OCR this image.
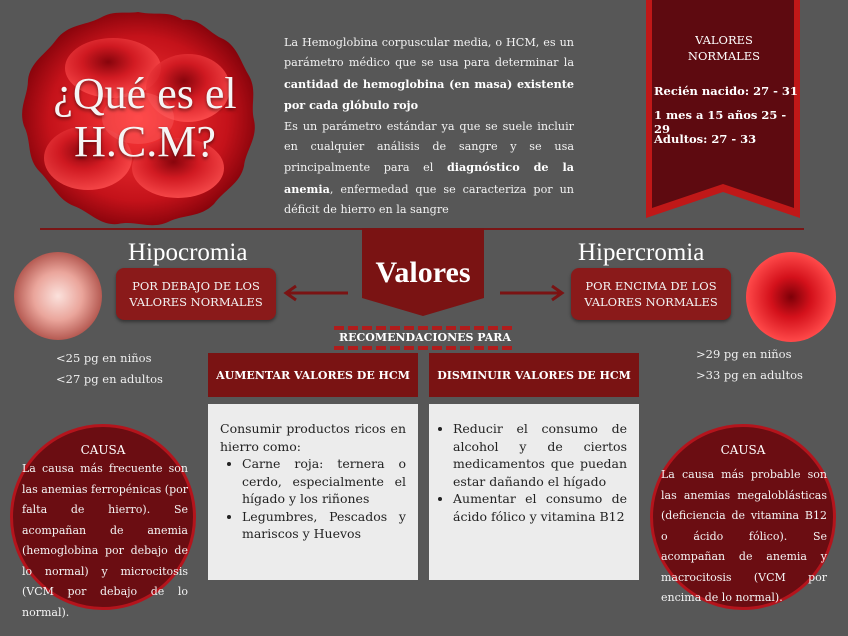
¿Qué es el
H.C.M?
La Hemoglobina corpuscular media, o HCM, es un parámetro médico que se usa para determinar la cantidad de hemoglobina (en masa) existente por cada glóbulo rojo
Es un parámetro estándar ya que se suele incluir en cualquier análisis de sangre y se usa principalmente para el diagnóstico de la anemia, enfermedad que se caracteriza por un déficit de hierro en la sangre
VALORES
NORMALES
Recién nacido: 27 - 31
1 mes a 15 años 25 - 29
Adultos: 27 - 33
Valores
Hipocromia
POR DEBAJO DE LOS
VALORES NORMALES
<25 pg en niños
<27 pg en adultos
Hipercromia
POR ENCIMA DE LOS
VALORES NORMALES
>29 pg en niños
>33 pg en adultos
RECOMENDACIONES PARA
AUMENTAR VALORES DE HCM	DISMINUIR VALORES DE HCM
Consumir productos ricos en hierro como:
• Carne roja: ternera o cerdo, especialmente el hígado y los riñones
• Legumbres, Pescados y mariscos y Huevos
• Reducir el consumo de alcohol y de ciertos medicamentos que puedan estar dañando el hígado
• Aumentar el consumo de ácido fólico y vitamina B12
CAUSA
La causa más frecuente son las anemias ferropénicas (por falta de hierro). Se acompañan de anemia (hemoglobina por debajo de lo normal) y microcitosis (VCM por debajo de lo normal).
CAUSA
La causa más probable son las anemias megaloblásticas (deficiencia de vitamina B12 o ácido fólico). Se acompañan de anemia y macrocitosis (VCM por encima de lo normal).
